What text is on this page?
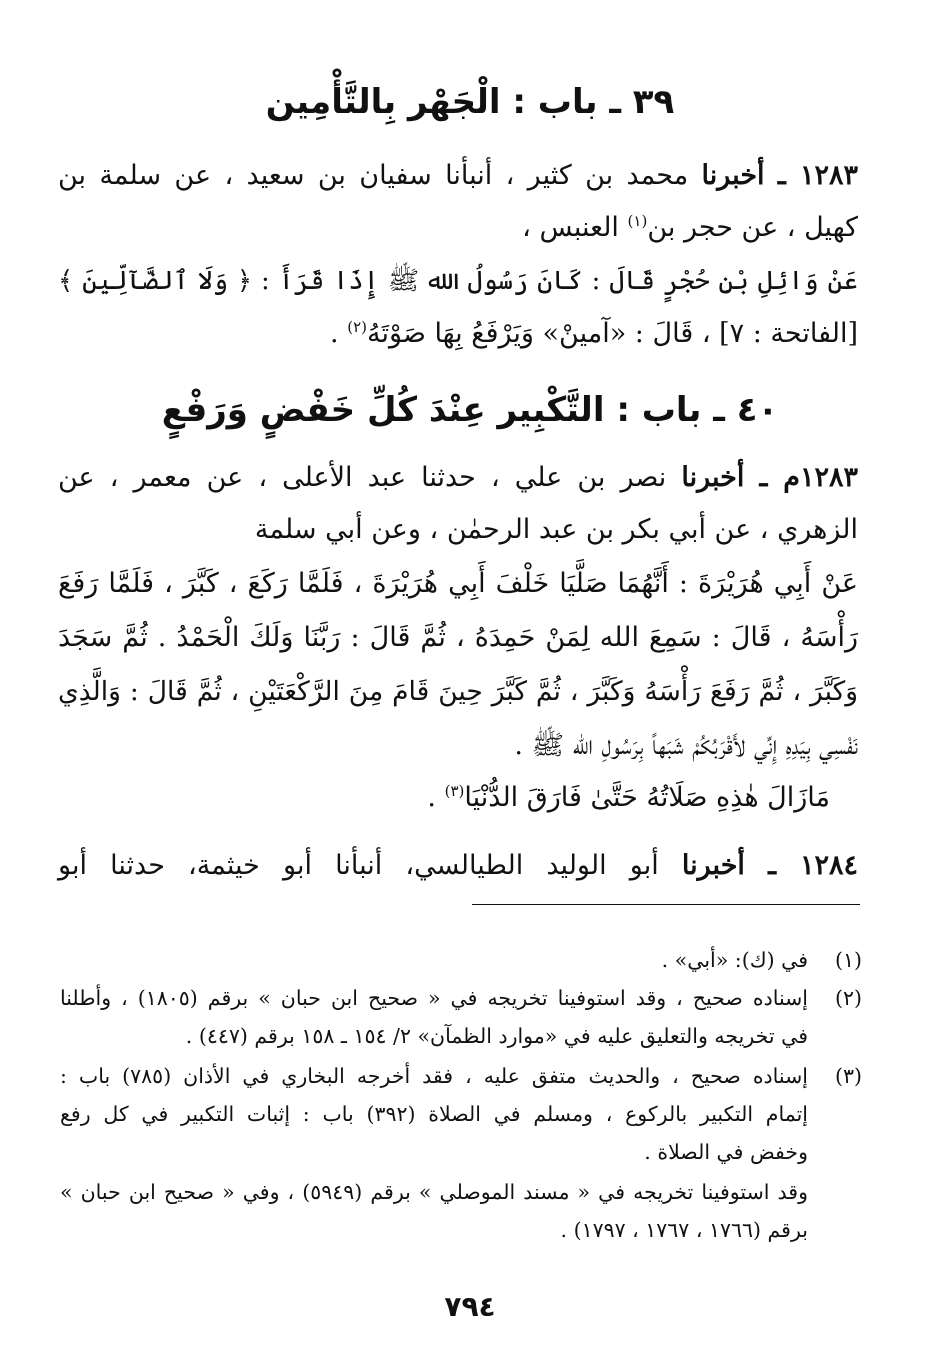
٣٩ ـ باب : الْجَهْر بِالتَّأْمِين
١٢٨٣ ـ أخبرنا محمد بن كثير ، أنبأنا سفيان بن سعيد ، عن سلمة بن
كهيل ، عن حجر بن$^{(١)}$ العنبس ،
عَنْ وَائِلِ بْنِ حُجْرٍ قَالَ : كَانَ رَسُولُ الله ﷺ إِذَا قَرَأَ : ﴿ وَلَا ٱلضَّآلِّينَ ﴾
[الفاتحة : ٧] ، قَالَ : «آمينْ» وَيَرْفَعُ بِهَا صَوْتَهُ$^{(٢)}$ .
٤٠ ـ باب : التَّكْبِير عِنْدَ كُلِّ خَفْضٍ وَرَفْعٍ
١٢٨٣م ـ أخبرنا نصر بن علي ، حدثنا عبد الأعلى ، عن معمر ، عن
الزهري ، عن أبي بكر بن عبد الرحمٰن ، وعن أبي سلمة
عَنْ أَبِي هُرَيْرَةَ : أَنَّهُمَا صَلَّيَا خَلْفَ أَبِي هُرَيْرَةَ ، فَلَمَّا رَكَعَ ، كَبَّرَ ، فَلَمَّا رَفَعَ
رَأْسَهُ ، قَالَ : سَمِعَ الله لِمَنْ حَمِدَهُ ، ثُمَّ قَالَ : رَبَّنَا وَلَكَ الْحَمْدُ . ثُمَّ سَجَدَ
وَكَبَّرَ ، ثُمَّ رَفَعَ رَأْسَهُ وَكَبَّرَ ، ثُمَّ كَبَّرَ حِينَ قَامَ مِنَ الرَّكْعَتَيْنِ ، ثُمَّ قَالَ : وَالَّذِي
نَفْسِي بِيَدِهِ إِنِّي لأَقْرَبُكُمْ شَبَهاً بِرَسُولِ الله ﷺ .
مَازَالَ هٰذِهِ صَلَاتُهُ حَتَّىٰ فَارَقَ الدُّنْيَا$^{(٣)}$ .
١٢٨٤ ـ أخبرنا أبو الوليد الطيالسي، أنبأنا أبو خيثمة، حدثنا أبو
(١)
في (ك): «أبي» .
(٢)
إسناده صحيح ، وقد استوفينا تخريجه في « صحيح ابن حبان » برقم (١٨٠٥) ، وأطلنا
في تخريجه والتعليق عليه في «موارد الظمآن» ٢/ ١٥٤ ـ ١٥٨ برقم (٤٤٧) .
(٣)
إسناده صحيح ، والحديث متفق عليه ، فقد أخرجه البخاري في الأذان (٧٨٥) باب :
إتمام التكبير بالركوع ، ومسلم في الصلاة (٣٩٢) باب : إثبات التكبير في كل رفع
وخفض في الصلاة .
وقد استوفينا تخريجه في « مسند الموصلي » برقم (٥٩٤٩) ، وفي « صحيح ابن حبان »
برقم (١٧٦٦ ، ١٧٦٧ ، ١٧٩٧) .
٧٩٤
